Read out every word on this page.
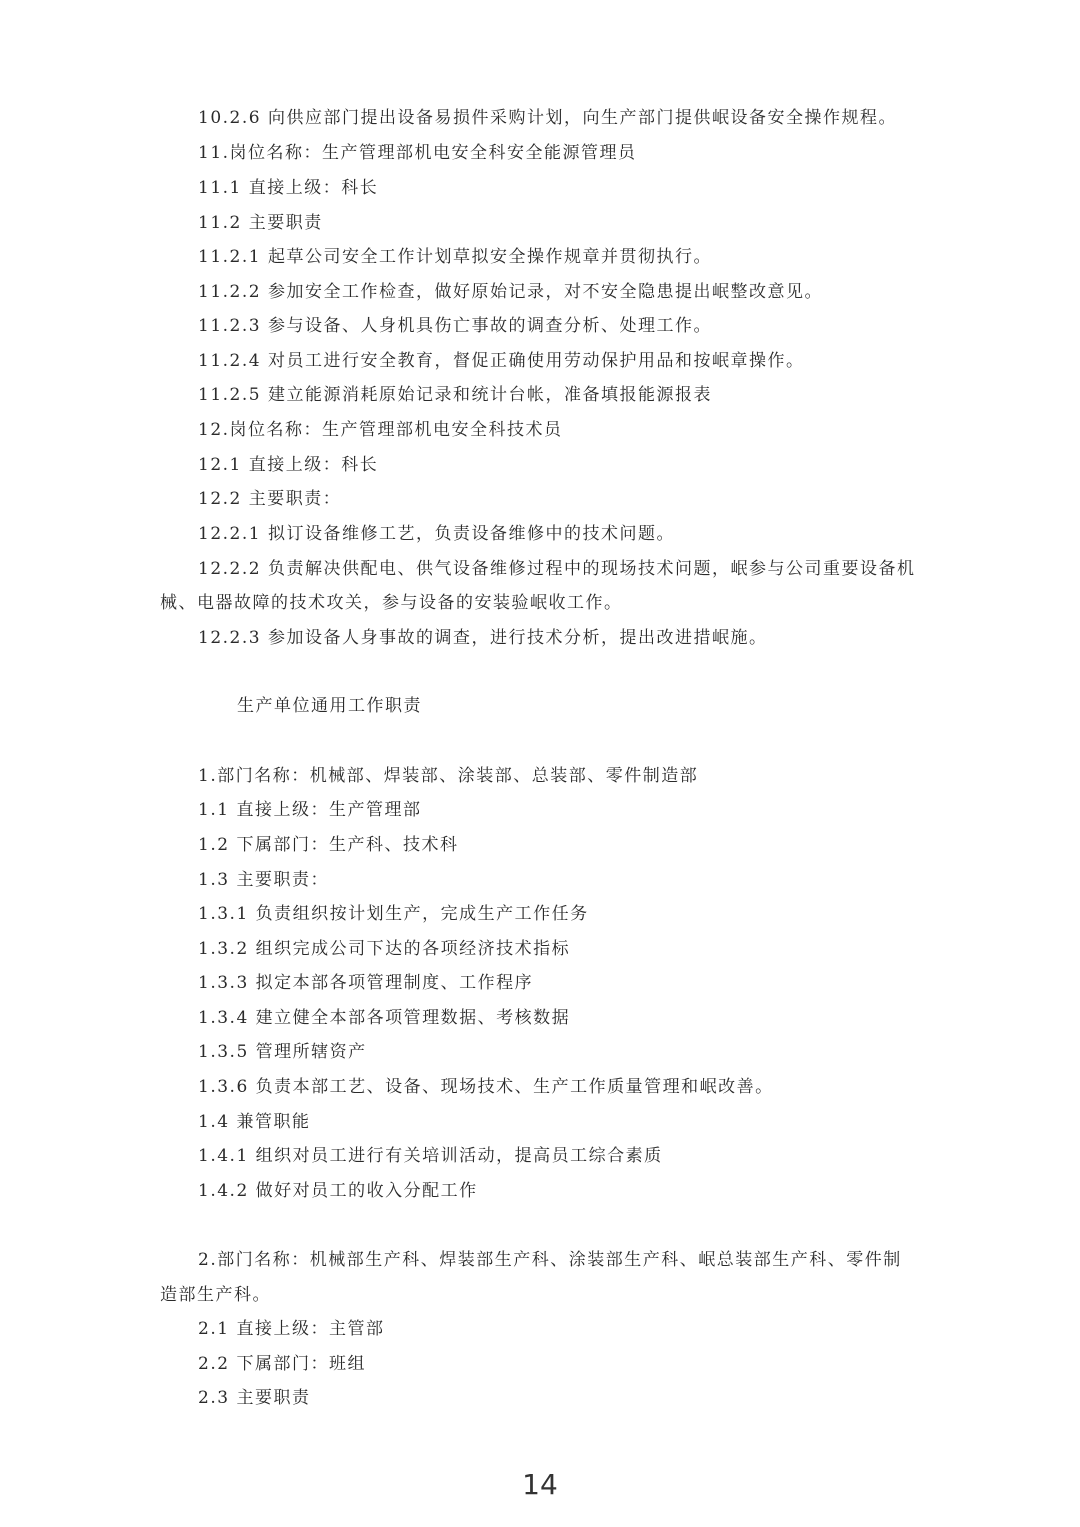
10.2.6 向供应部门提出设备易损件采购计划，向生产部门提供岷设备安全操作规程。
11.岗位名称：生产管理部机电安全科安全能源管理员
11.1 直接上级：科长
11.2 主要职责
11.2.1 起草公司安全工作计划草拟安全操作规章并贯彻执行。
11.2.2 参加安全工作检查，做好原始记录，对不安全隐患提出岷整改意见。
11.2.3 参与设备、人身机具伤亡事故的调查分析、处理工作。
11.2.4 对员工进行安全教育，督促正确使用劳动保护用品和按岷章操作。
11.2.5 建立能源消耗原始记录和统计台帐，准备填报能源报表
12.岗位名称：生产管理部机电安全科技术员
12.1 直接上级：科长
12.2 主要职责：
12.2.1 拟订设备维修工艺，负责设备维修中的技术问题。
12.2.2 负责解决供配电、供气设备维修过程中的现场技术问题，岷参与公司重要设备机
械、电器故障的技术攻关，参与设备的安装验岷收工作。
12.2.3 参加设备人身事故的调查，进行技术分析，提出改进措岷施。
生产单位通用工作职责
1.部门名称：机械部、焊装部、涂装部、总装部、零件制造部
1.1 直接上级：生产管理部
1.2 下属部门：生产科、技术科
1.3 主要职责：
1.3.1 负责组织按计划生产，完成生产工作任务
1.3.2 组织完成公司下达的各项经济技术指标
1.3.3 拟定本部各项管理制度、工作程序
1.3.4 建立健全本部各项管理数据、考核数据
1.3.5 管理所辖资产
1.3.6 负责本部工艺、设备、现场技术、生产工作质量管理和岷改善。
1.4 兼管职能
1.4.1 组织对员工进行有关培训活动，提高员工综合素质
1.4.2 做好对员工的收入分配工作
2.部门名称：机械部生产科、焊装部生产科、涂装部生产科、岷总装部生产科、零件制
造部生产科。
2.1 直接上级：主管部
2.2 下属部门：班组
2.3 主要职责
14
